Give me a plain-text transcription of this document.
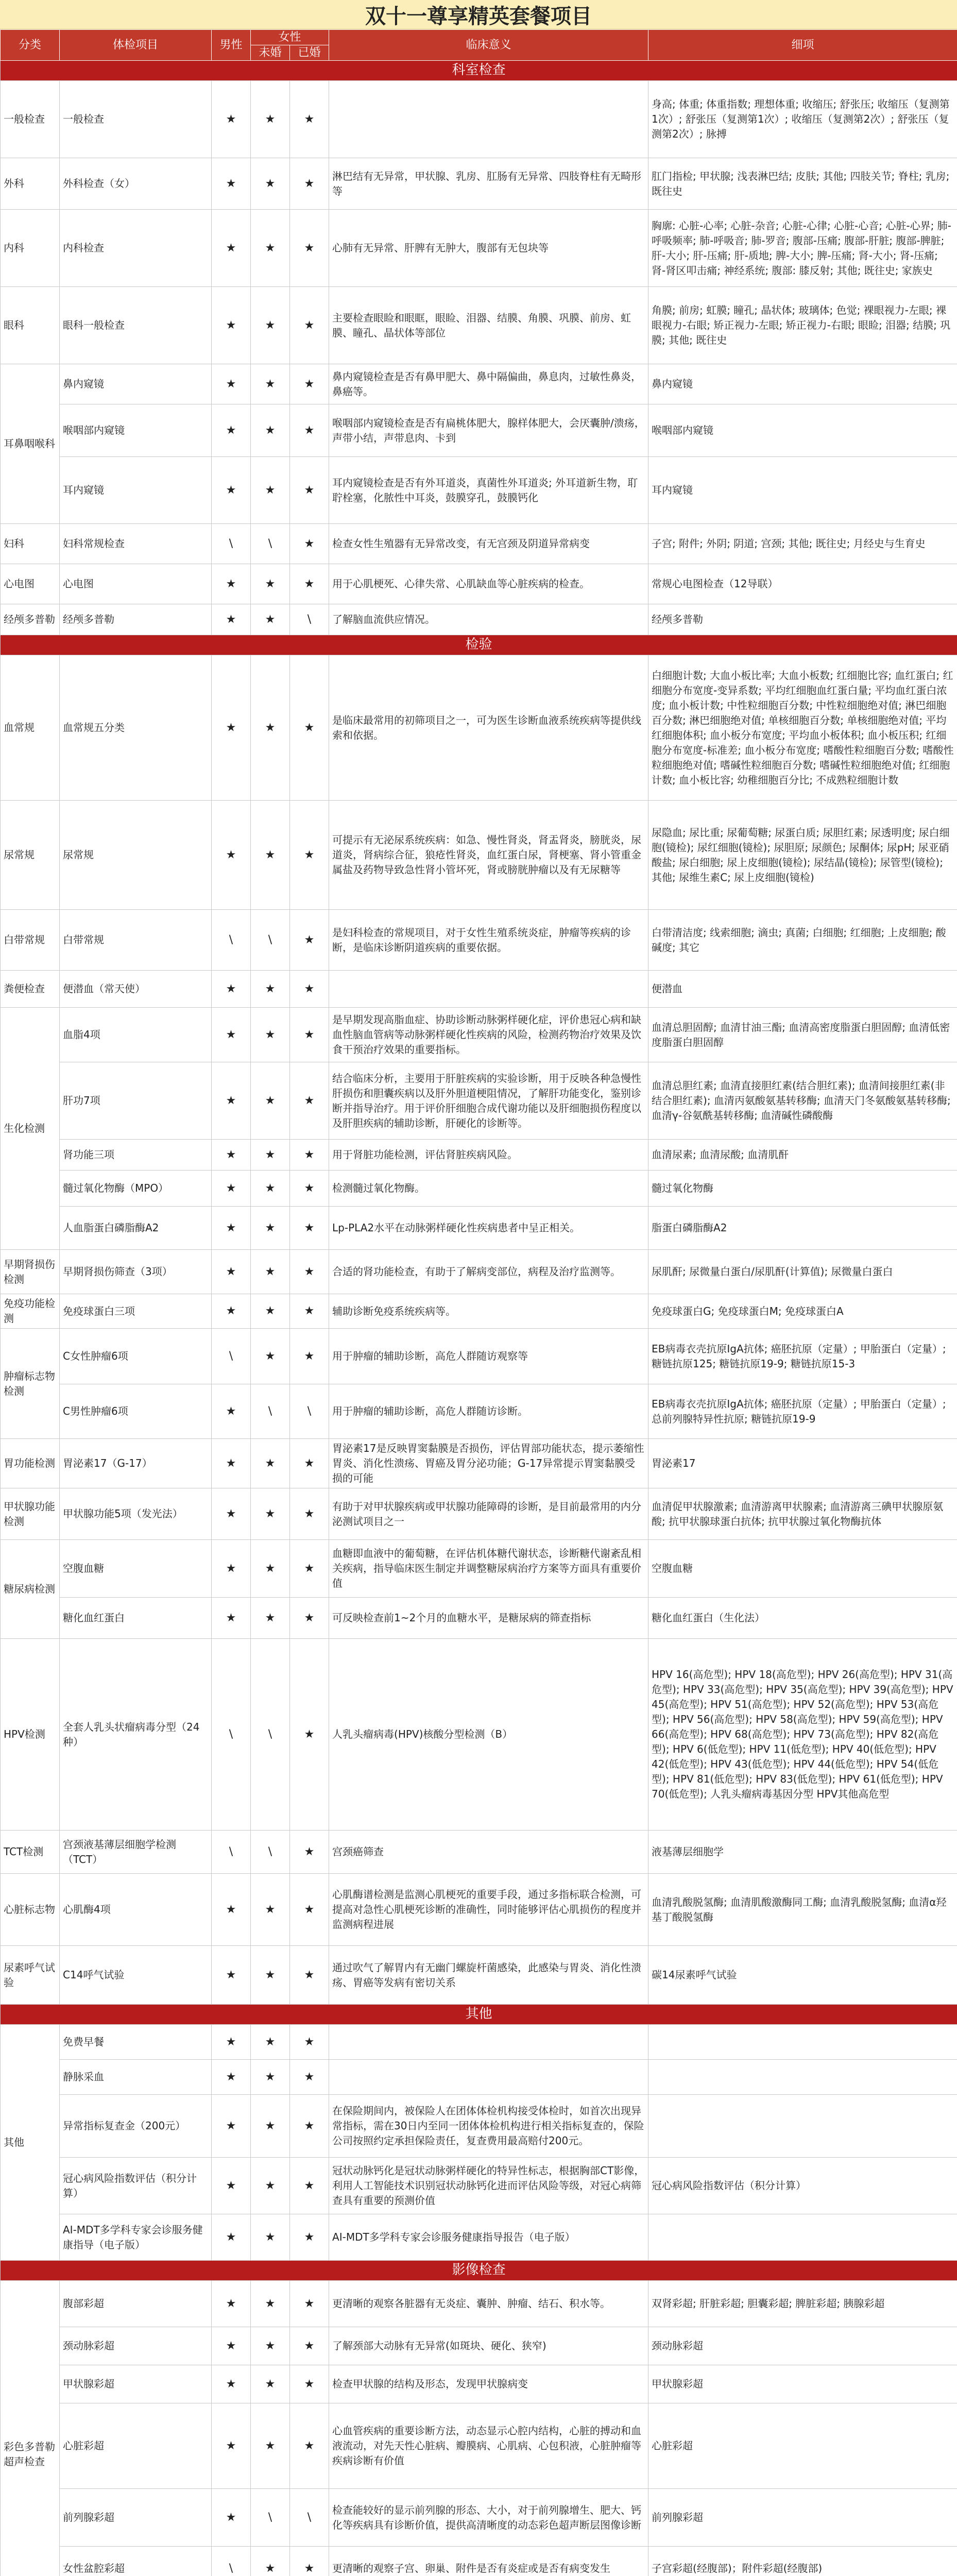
双十一尊享精英套餐项目
分类	体检项目	男性	女性		临床意义	细项
			未婚	已婚		
科室检查						
一般检查	一般检查	★	★	★		身高; 体重; 体重指数; 理想体重; 收缩压; 舒张压; 收缩压（复测第1次）; 舒张压（复测第1次）; 收缩压（复测第2次）; 舒张压（复测第2次）; 脉搏
外科	外科检查（女）	★	★	★	淋巴结有无异常，甲状腺、乳房、肛肠有无异常、四肢脊柱有无畸形等	肛门指检; 甲状腺; 浅表淋巴结; 皮肤; 其他; 四肢关节; 脊柱; 乳房; 既往史
内科	内科检查	★	★	★	心肺有无异常、肝脾有无肿大，腹部有无包块等	胸廓: 心脏-心率; 心脏-杂音; 心脏-心律; 心脏-心音; 心脏-心界; 肺-呼吸频率; 肺-呼吸音; 肺-罗音; 腹部-压痛; 腹部-肝脏; 腹部-脾脏; 肝-大小; 肝-压痛; 肝-质地; 脾-大小; 脾-压痛; 肾-大小; 肾-压痛; 肾-肾区叩击痛; 神经系统; 腹部: 膝反射; 其他; 既往史; 家族史
眼科	眼科一般检查	★	★	★	主要检查眼睑和眼眶，眼睑、泪器、结膜、角膜、巩膜、前房、虹膜、瞳孔、晶状体等部位	角膜; 前房; 虹膜; 瞳孔; 晶状体; 玻璃体; 色觉; 裸眼视力-左眼; 裸眼视力-右眼; 矫正视力-左眼; 矫正视力-右眼; 眼睑; 泪器; 结膜; 巩膜; 其他; 既往史
耳鼻咽喉科	鼻内窥镜	★	★	★	鼻内窥镜检查是否有鼻甲肥大、鼻中隔偏曲，鼻息肉，过敏性鼻炎，鼻癌等。	鼻内窥镜
	喉咽部内窥镜	★	★	★	喉咽部内窥镜检查是否有扁桃体肥大，腺样体肥大，会厌囊肿/溃疡，声带小结，声带息肉、卡到	喉咽部内窥镜
	耳内窥镜	★	★	★	耳内窥镜检查是否有外耳道炎，真菌性外耳道炎; 外耳道新生物，耵聍栓塞，化脓性中耳炎，鼓膜穿孔，鼓膜钙化	耳内窥镜
妇科	妇科常规检查	\	\	★	检查女性生殖器有无异常改变，有无宫颈及阴道异常病变	子宫; 附件; 外阴; 阴道; 宫颈; 其他; 既往史; 月经史与生育史
心电图	心电图	★	★	★	用于心肌梗死、心律失常、心肌缺血等心脏疾病的检查。	常规心电图检查（12导联）
经颅多普勒	经颅多普勒	★	★	\	了解脑血流供应情况。	经颅多普勒
检验						
血常规	血常规五分类	★	★	★	是临床最常用的初筛项目之一，可为医生诊断血液系统疾病等提供线索和依据。	白细胞计数; 大血小板比率; 大血小板数; 红细胞比容; 血红蛋白; 红细胞分布宽度-变异系数; 平均红细胞血红蛋白量; 平均血红蛋白浓度; 血小板计数; 中性粒细胞百分数; 中性粒细胞绝对值; 淋巴细胞百分数; 淋巴细胞绝对值; 单核细胞百分数; 单核细胞绝对值; 平均红细胞体积; 血小板分布宽度; 平均血小板体积; 血小板压积; 红细胞分布宽度-标准差; 血小板分布宽度; 嗜酸性粒细胞百分数; 嗜酸性粒细胞绝对值; 嗜碱性粒细胞百分数; 嗜碱性粒细胞绝对值; 红细胞计数; 血小板比容; 幼稚细胞百分比; 不成熟粒细胞计数
尿常规	尿常规	★	★	★	可提示有无泌尿系统疾病：如急、慢性肾炎，肾盂肾炎，膀胱炎，尿道炎，肾病综合征，狼疮性肾炎，血红蛋白尿，肾梗塞、肾小管重金属盐及药物导致急性肾小管坏死，肾或膀胱肿瘤以及有无尿糖等	尿隐血; 尿比重; 尿葡萄糖; 尿蛋白质; 尿胆红素; 尿透明度; 尿白细胞(镜检); 尿红细胞(镜检); 尿胆原; 尿颜色; 尿酮体; 尿pH; 尿亚硝酸盐; 尿白细胞; 尿上皮细胞(镜检); 尿结晶(镜检); 尿管型(镜检); 其他; 尿维生素C; 尿上皮细胞(镜检)
白带常规	白带常规	\	\	★	是妇科检查的常规项目，对于女性生殖系统炎症，肿瘤等疾病的诊断，是临床诊断阴道疾病的重要依据。	白带清洁度; 线索细胞; 滴虫; 真菌; 白细胞; 红细胞; 上皮细胞; 酸碱度; 其它
粪便检查	便潜血（常天使）	★	★	★		便潜血
生化检测	血脂4项	★	★	★	是早期发现高脂血症、协助诊断动脉粥样硬化症，评价患冠心病和缺血性脑血管病等动脉粥样硬化性疾病的风险，检测药物治疗效果及饮食干预治疗效果的重要指标。	血清总胆固醇; 血清甘油三酯; 血清高密度脂蛋白胆固醇; 血清低密度脂蛋白胆固醇
	肝功7项	★	★	★	结合临床分析，主要用于肝脏疾病的实验诊断，用于反映各种急慢性肝损伤和胆囊疾病以及肝外胆道梗阻情况，了解肝功能变化，鉴别诊断并指导治疗。用于评价肝细胞合成代谢功能以及肝细胞损伤程度以及肝胆疾病的辅助诊断，肝硬化的诊断等。	血清总胆红素; 血清直接胆红素(结合胆红素); 血清间接胆红素(非结合胆红素); 血清丙氨酸氨基转移酶; 血清天门冬氨酸氨基转移酶; 血清γ-谷氨酰基转移酶; 血清碱性磷酸酶
	肾功能三项	★	★	★	用于肾脏功能检测，评估肾脏疾病风险。	血清尿素; 血清尿酸; 血清肌酐
	髓过氧化物酶（MPO）	★	★	★	检测髓过氧化物酶。	髓过氧化物酶
	人血脂蛋白磷脂酶A2	★	★	★	Lp-PLA2水平在动脉粥样硬化性疾病患者中呈正相关。	脂蛋白磷脂酶A2
早期肾损伤检测	早期肾损伤筛查（3项）	★	★	★	合适的肾功能检查，有助于了解病变部位，病程及治疗监测等。	尿肌酐; 尿微量白蛋白/尿肌酐(计算值); 尿微量白蛋白
免疫功能检测	免疫球蛋白三项	★	★	★	辅助诊断免疫系统疾病等。	免疫球蛋白G; 免疫球蛋白M; 免疫球蛋白A
肿瘤标志物检测	C女性肿瘤6项	\	★	★	用于肿瘤的辅助诊断，高危人群随访观察等	EB病毒衣壳抗原IgA抗体; 癌胚抗原（定量）; 甲胎蛋白（定量）; 糖链抗原125; 糖链抗原19-9; 糖链抗原15-3
	C男性肿瘤6项	★	\	\	用于肿瘤的辅助诊断，高危人群随访诊断。	EB病毒衣壳抗原IgA抗体; 癌胚抗原（定量）; 甲胎蛋白（定量）; 总前列腺特异性抗原; 糖链抗原19-9
胃功能检测	胃泌素17（G-17）	★	★	★	胃泌素17是反映胃窦黏膜是否损伤，评估胃部功能状态，提示萎缩性胃炎、消化性溃疡、胃癌及胃分泌功能；G-17异常提示胃窦黏膜受损的可能	胃泌素17
甲状腺功能检测	甲状腺功能5项（发光法）	★	★	★	有助于对甲状腺疾病或甲状腺功能障碍的诊断，是目前最常用的内分泌测试项目之一	血清促甲状腺激素; 血清游离甲状腺素; 血清游离三碘甲状腺原氨酸; 抗甲状腺球蛋白抗体; 抗甲状腺过氧化物酶抗体
糖尿病检测	空腹血糖	★	★	★	血糖即血液中的葡萄糖，在评估机体糖代谢状态，诊断糖代谢紊乱相关疾病，指导临床医生制定并调整糖尿病治疗方案等方面具有重要价值	空腹血糖
	糖化血红蛋白	★	★	★	可反映检查前1~2个月的血糖水平，是糖尿病的筛查指标	糖化血红蛋白（生化法）
HPV检测	全套人乳头状瘤病毒分型（24种）	\	\	★	人乳头瘤病毒(HPV)核酸分型检测（B）	HPV 16(高危型); HPV 18(高危型); HPV 26(高危型); HPV 31(高危型); HPV 33(高危型); HPV 35(高危型); HPV 39(高危型); HPV 45(高危型); HPV 51(高危型); HPV 52(高危型); HPV 53(高危型); HPV 56(高危型); HPV 58(高危型); HPV 59(高危型); HPV 66(高危型); HPV 68(高危型); HPV 73(高危型); HPV 82(高危型); HPV 6(低危型); HPV 11(低危型); HPV 40(低危型); HPV 42(低危型); HPV 43(低危型); HPV 44(低危型); HPV 54(低危型); HPV 81(低危型); HPV 83(低危型); HPV 61(低危型); HPV 70(低危型); 人乳头瘤病毒基因分型 HPV其他高危型
TCT检测	宫颈液基薄层细胞学检测（TCT）	\	\	★	宫颈癌筛查	液基薄层细胞学
心脏标志物	心肌酶4项	★	★	★	心肌酶谱检测是监测心肌梗死的重要手段，通过多指标联合检测，可提高对急性心肌梗死诊断的准确性，同时能够评估心肌损伤的程度并监测病程进展	血清乳酸脱氢酶; 血清肌酸激酶同工酶; 血清乳酸脱氢酶; 血清α羟基丁酸脱氢酶
尿素呼气试验	C14呼气试验	★	★	★	通过吹气了解胃内有无幽门螺旋杆菌感染，此感染与胃炎、消化性溃疡、胃癌等发病有密切关系	碳14尿素呼气试验
其他						
其他	免费早餐	★	★	★		
	静脉采血	★	★	★		
	异常指标复查金（200元）	★	★	★	在保险期间内，被保险人在团体体检机构接受体检时，如首次出现异常指标，需在30日内至同一团体体检机构进行相关指标复查的，保险公司按照约定承担保险责任，复查费用最高赔付200元。	
	冠心病风险指数评估（积分计算）	★	★	★	冠状动脉钙化是冠状动脉粥样硬化的特异性标志，根据胸部CT影像，利用人工智能技术识别冠状动脉钙化进而评估风险等级，对冠心病筛查具有重要的预测价值	冠心病风险指数评估（积分计算）
	AI-MDT多学科专家会诊服务健康指导（电子版）	★	★	★	AI-MDT多学科专家会诊服务健康指导报告（电子版）	
影像检查						
彩色多普勒超声检查	腹部彩超	★	★	★	更清晰的观察各脏器有无炎症、囊肿、肿瘤、结石、积水等。	双肾彩超; 肝脏彩超; 胆囊彩超; 脾脏彩超; 胰腺彩超
	颈动脉彩超	★	★	★	了解颈部大动脉有无异常(如斑块、硬化、狭窄)	颈动脉彩超
	甲状腺彩超	★	★	★	检查甲状腺的结构及形态，发现甲状腺病变	甲状腺彩超
	心脏彩超	★	★	★	心血管疾病的重要诊断方法，动态显示心腔内结构，心脏的搏动和血液流动，对先天性心脏病、瓣膜病、心肌病、心包积液，心脏肿瘤等疾病诊断有价值	心脏彩超
	前列腺彩超	★	\	\	检查能较好的显示前列腺的形态、大小，对于前列腺增生、肥大、钙化等疾病具有诊断价值，提供高清晰度的动态彩色超声断层图像诊断	前列腺彩超
	女性盆腔彩超	\	★	★	更清晰的观察子宫、卵巢、附件是否有炎症或是否有病变发生	子宫彩超(经腹部)；附件彩超(经腹部)
